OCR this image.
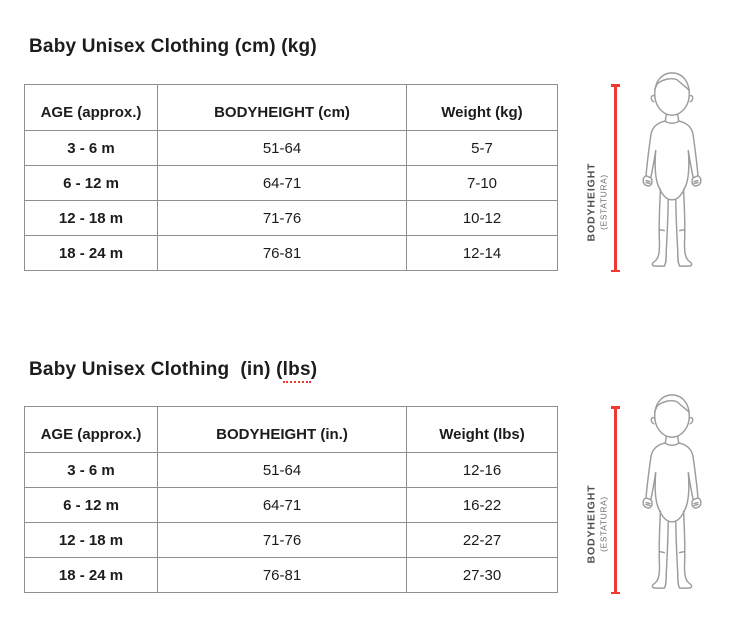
Baby Unisex Clothing (cm) (kg)
AGE (approx.)	BODYHEIGHT (cm)	Weight (kg)
3 - 6 m	51-64	5-7
6 - 12 m	64-71	7-10
12 - 18 m	71-76	10-12
18 - 24 m	76-81	12-14
BODYHEIGHT (ESTATURA)
Baby Unisex Clothing  (in) (lbs)
AGE (approx.)	BODYHEIGHT (in.)	Weight (lbs)
3 - 6 m	51-64	12-16
6 - 12 m	64-71	16-22
12 - 18 m	71-76	22-27
18 - 24 m	76-81	27-30
BODYHEIGHT (ESTATURA)
